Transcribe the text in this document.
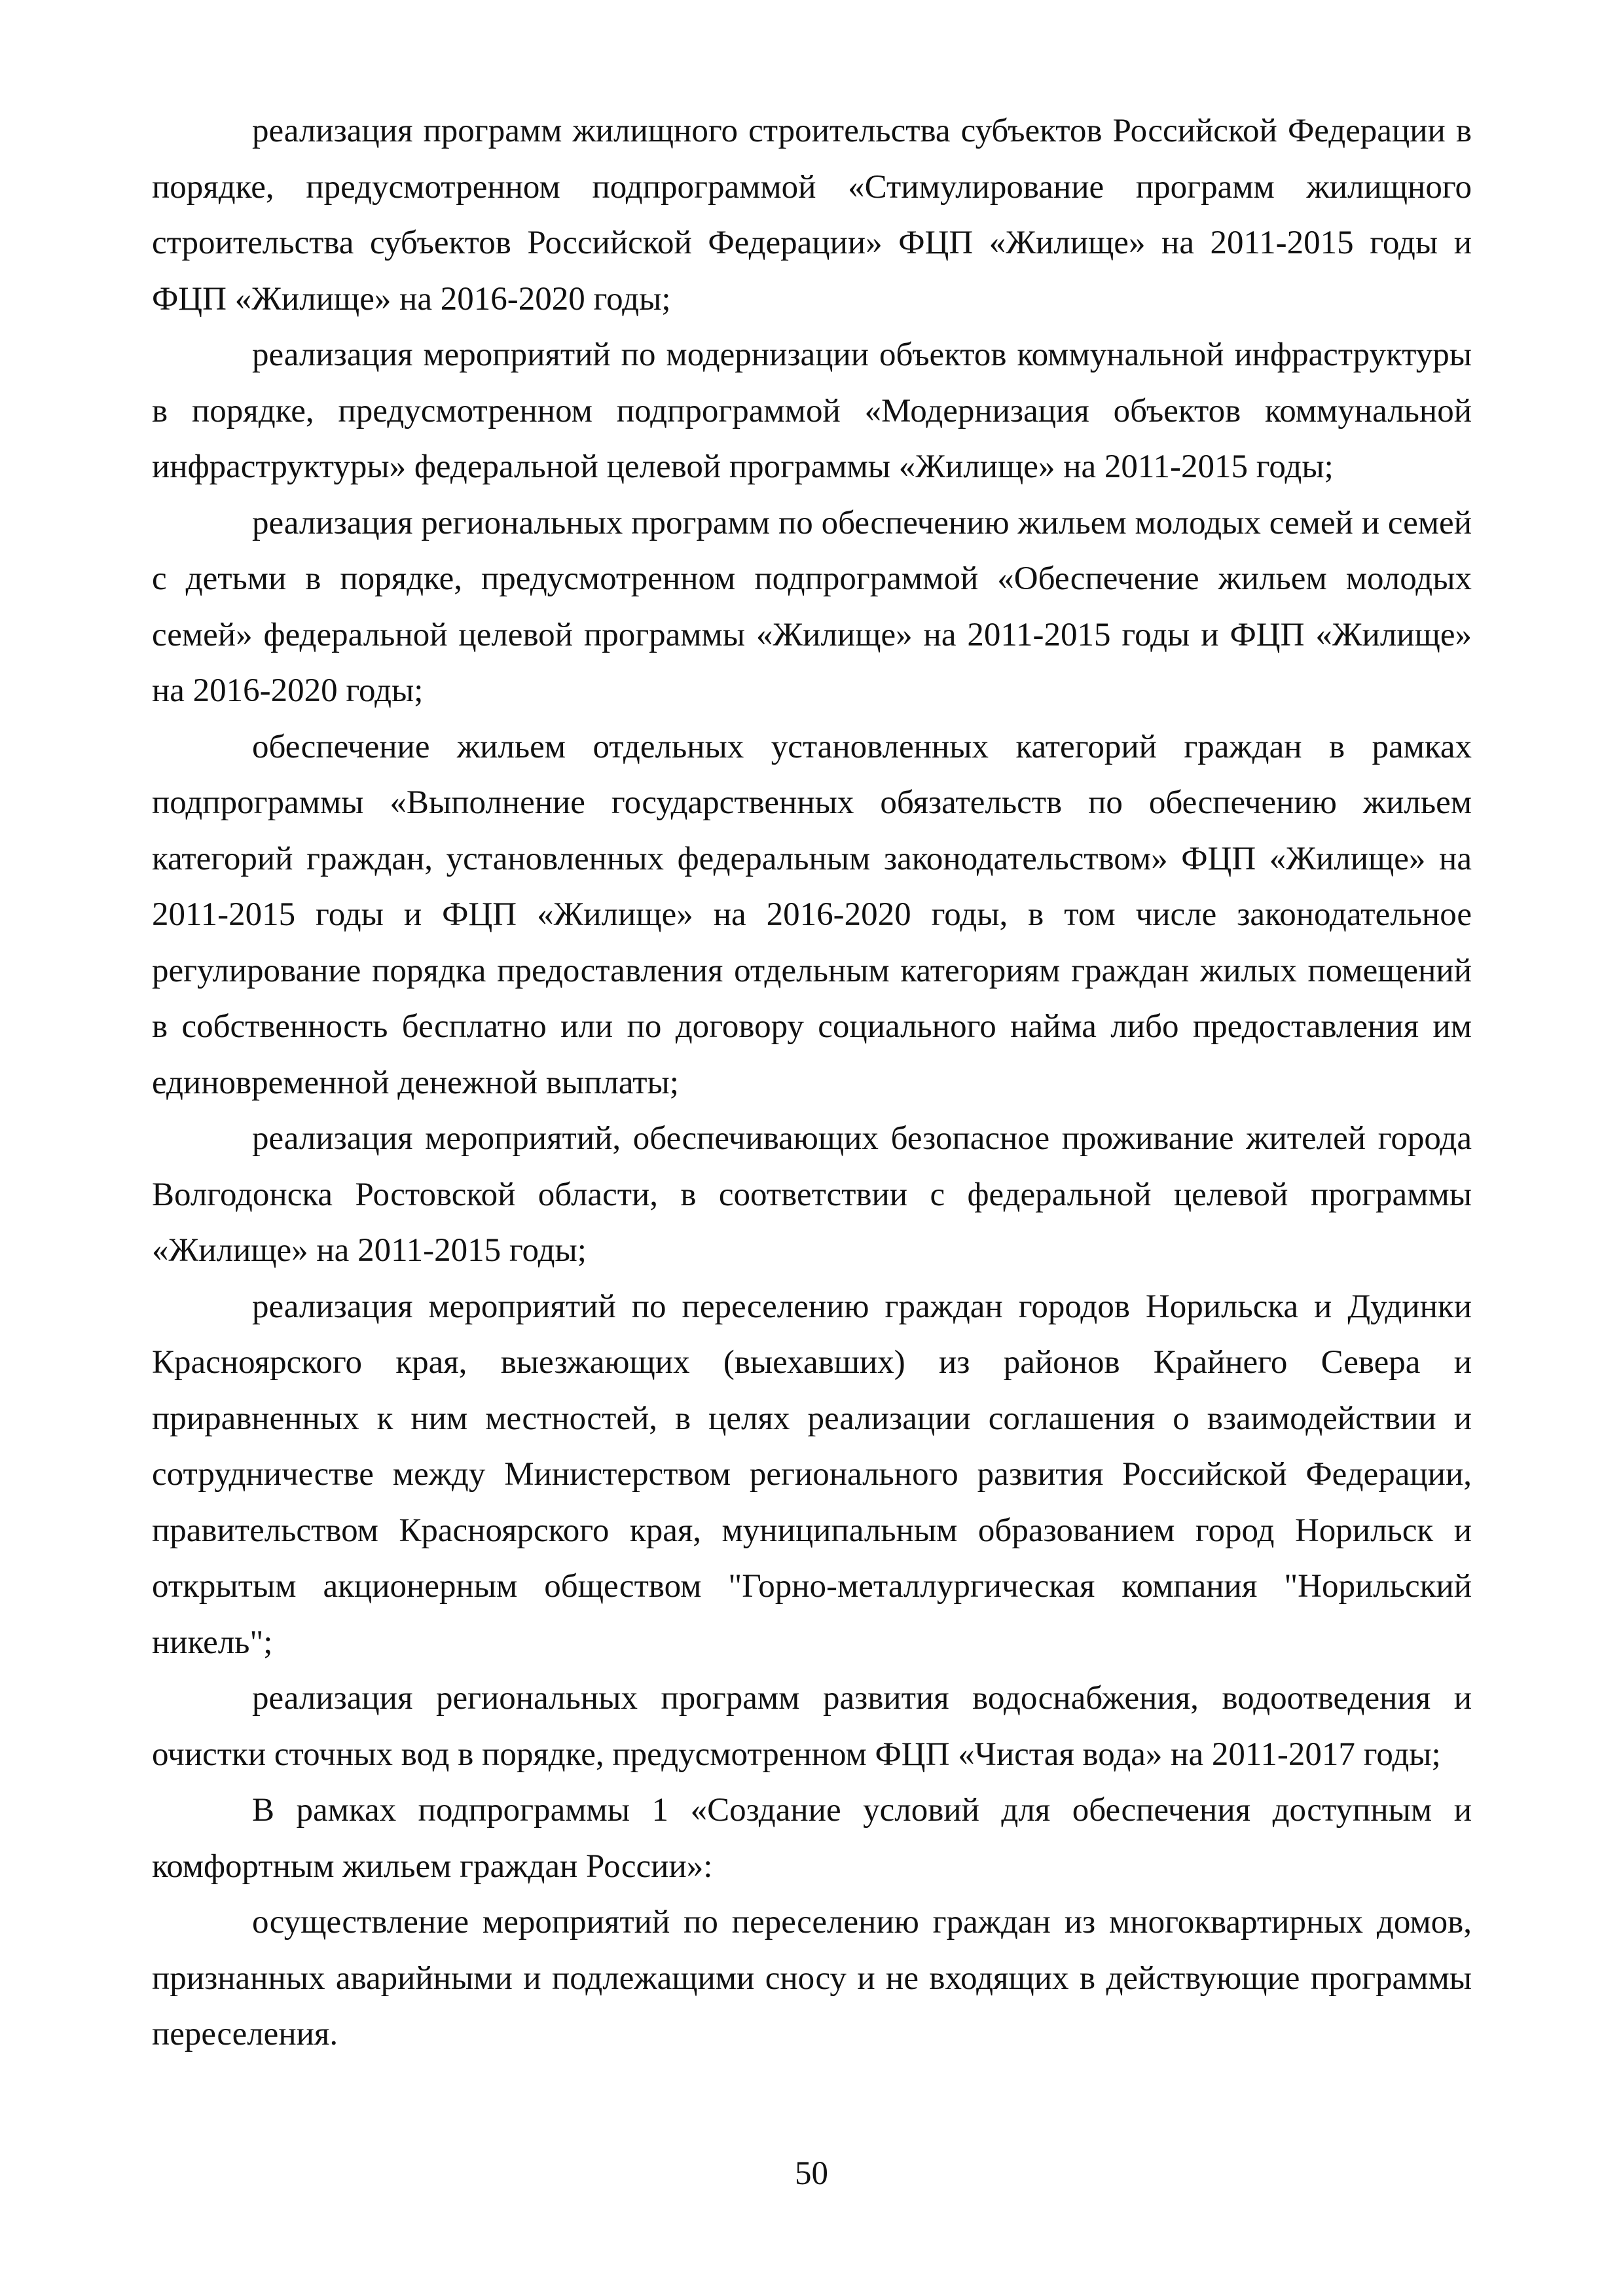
реализация программ жилищного строительства субъектов Российской Федерации в порядке, предусмотренном подпрограммой «Стимулирование программ жилищного строительства субъектов Российской Федерации» ФЦП «Жилище» на 2011-2015 годы и ФЦП «Жилище» на 2016-2020 годы;

реализация мероприятий по модернизации объектов коммунальной инфраструктуры в порядке, предусмотренном подпрограммой «Модернизация объектов коммунальной инфраструктуры» федеральной целевой программы «Жилище» на 2011-2015 годы;

реализация региональных программ по обеспечению жильем молодых семей и семей с детьми в порядке, предусмотренном подпрограммой «Обеспечение жильем молодых семей» федеральной целевой программы «Жилище» на 2011-2015 годы и ФЦП «Жилище» на 2016-2020 годы;

обеспечение жильем отдельных установленных категорий граждан в рамках подпрограммы «Выполнение государственных обязательств по обеспечению жильем категорий граждан, установленных федеральным законодательством» ФЦП «Жилище» на 2011-2015 годы и ФЦП «Жилище» на 2016-2020 годы, в том числе законодательное регулирование порядка предоставления отдельным категориям граждан жилых помещений в собственность бесплатно или по договору социального найма либо предоставления им единовременной денежной выплаты;

реализация мероприятий, обеспечивающих безопасное проживание жителей города Волгодонска Ростовской области, в соответствии с федеральной целевой программы «Жилище» на 2011-2015 годы;

реализация мероприятий по переселению граждан городов Норильска и Дудинки Красноярского края, выезжающих (выехавших) из районов Крайнего Севера и приравненных к ним местностей, в целях реализации соглашения о взаимодействии и сотрудничестве между Министерством регионального развития Российской Федерации, правительством Красноярского края, муниципальным образованием город Норильск и открытым акционерным обществом "Горно-металлургическая компания "Норильский никель";

реализация региональных программ развития водоснабжения, водоотведения и очистки сточных вод в порядке, предусмотренном ФЦП «Чистая вода» на 2011-2017 годы;

В рамках подпрограммы 1 «Создание условий для обеспечения доступным и комфортным жильем граждан России»:

осуществление мероприятий по переселению граждан из многоквартирных домов, признанных аварийными и подлежащими сносу и не входящих в действующие программы переселения.

50
